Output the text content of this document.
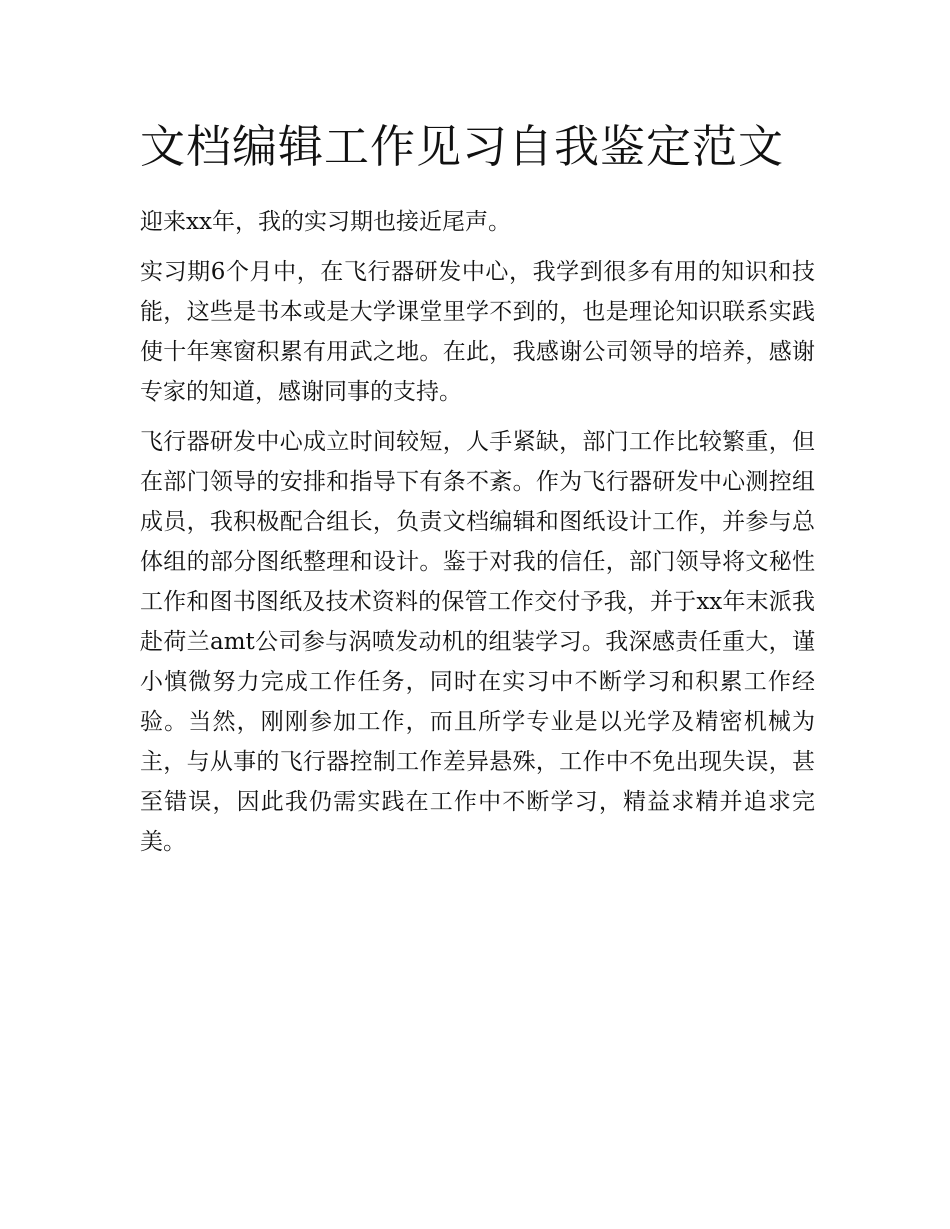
文档编辑工作见习自我鉴定范文

迎来xx年，我的实习期也接近尾声。

实习期6个月中，在飞行器研发中心，我学到很多有用的知识和技能，这些是书本或是大学课堂里学不到的，也是理论知识联系实践使十年寒窗积累有用武之地。在此，我感谢公司领导的培养，感谢专家的知道，感谢同事的支持。

飞行器研发中心成立时间较短，人手紧缺，部门工作比较繁重，但在部门领导的安排和指导下有条不紊。作为飞行器研发中心测控组成员，我积极配合组长，负责文档编辑和图纸设计工作，并参与总体组的部分图纸整理和设计。鉴于对我的信任，部门领导将文秘性工作和图书图纸及技术资料的保管工作交付予我，并于xx年末派我赴荷兰amt公司参与涡喷发动机的组装学习。我深感责任重大，谨小慎微努力完成工作任务，同时在实习中不断学习和积累工作经验。当然，刚刚参加工作，而且所学专业是以光学及精密机械为主，与从事的飞行器控制工作差异悬殊，工作中不免出现失误，甚至错误，因此我仍需实践在工作中不断学习，精益求精并追求完美。
